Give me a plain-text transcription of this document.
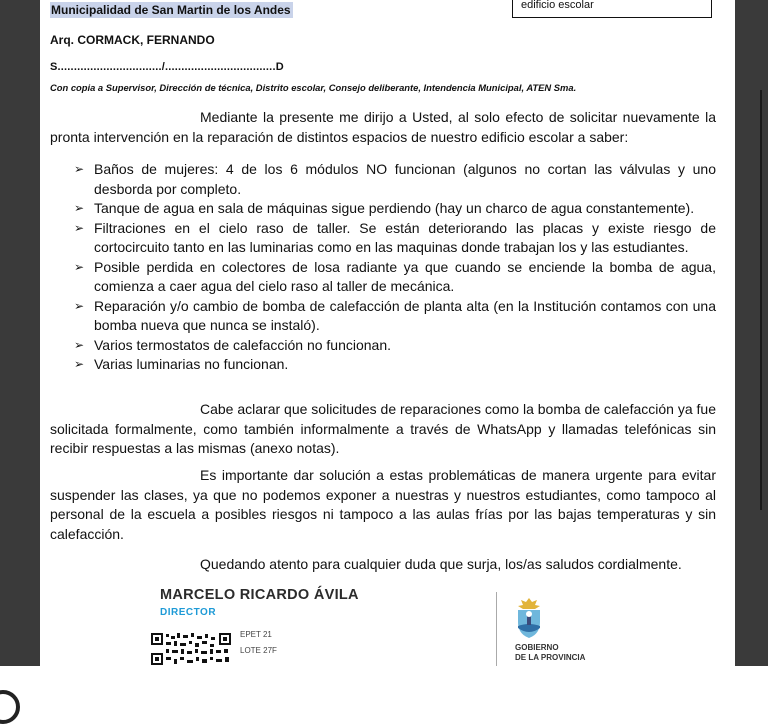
edificio escolar
Municipalidad de San Martin de los Andes
Arq. CORMACK, FERNANDO
S................................/..................................D
Con copia a Supervisor, Dirección de técnica, Distrito escolar, Consejo deliberante, Intendencia Municipal, ATEN Sma.

Mediante la presente me dirijo a Usted, al solo efecto de solicitar nuevamente la pronta intervención en la reparación de distintos espacios de nuestro edificio escolar a saber:

➢ Baños de mujeres: 4 de los 6 módulos NO funcionan (algunos no cortan las válvulas y uno desborda por completo.
➢ Tanque de agua en sala de máquinas sigue perdiendo (hay un charco de agua constantemente).
➢ Filtraciones en el cielo raso de taller. Se están deteriorando las placas y existe riesgo de cortocircuito tanto en las luminarias como en las maquinas donde trabajan los y las estudiantes.
➢ Posible perdida en colectores de losa radiante ya que cuando se enciende la bomba de agua, comienza a caer agua del cielo raso al taller de mecánica.
➢ Reparación y/o cambio de bomba de calefacción de planta alta (en la Institución contamos con una bomba nueva que nunca se instaló).
➢ Varios termostatos de calefacción no funcionan.
➢ Varias luminarias no funcionan.

Cabe aclarar que solicitudes de reparaciones como la bomba de calefacción ya fue solicitada formalmente, como también informalmente a través de WhatsApp y llamadas telefónicas sin recibir respuestas a las mismas (anexo notas).

Es importante dar solución a estas problemáticas de manera urgente para evitar suspender las clases, ya que no podemos exponer a nuestras y nuestros estudiantes, como tampoco al personal de la escuela a posibles riesgos ni tampoco a las aulas frías por las bajas temperaturas y sin calefacción.

Quedando atento para cualquier duda que surja, los/as saludos cordialmente.

MARCELO RICARDO ÁVILA
DIRECTOR
EPET 21
LOTE 27F	GOBIERNO
DE LA PROVINCIA
